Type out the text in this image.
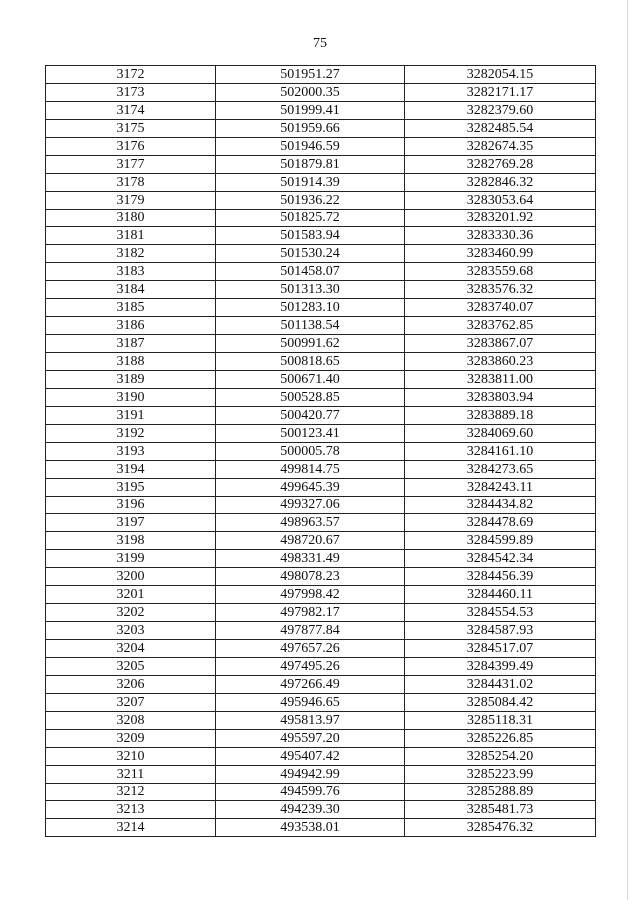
75
3172	501951.27	3282054.15
3173	502000.35	3282171.17
3174	501999.41	3282379.60
3175	501959.66	3282485.54
3176	501946.59	3282674.35
3177	501879.81	3282769.28
3178	501914.39	3282846.32
3179	501936.22	3283053.64
3180	501825.72	3283201.92
3181	501583.94	3283330.36
3182	501530.24	3283460.99
3183	501458.07	3283559.68
3184	501313.30	3283576.32
3185	501283.10	3283740.07
3186	501138.54	3283762.85
3187	500991.62	3283867.07
3188	500818.65	3283860.23
3189	500671.40	3283811.00
3190	500528.85	3283803.94
3191	500420.77	3283889.18
3192	500123.41	3284069.60
3193	500005.78	3284161.10
3194	499814.75	3284273.65
3195	499645.39	3284243.11
3196	499327.06	3284434.82
3197	498963.57	3284478.69
3198	498720.67	3284599.89
3199	498331.49	3284542.34
3200	498078.23	3284456.39
3201	497998.42	3284460.11
3202	497982.17	3284554.53
3203	497877.84	3284587.93
3204	497657.26	3284517.07
3205	497495.26	3284399.49
3206	497266.49	3284431.02
3207	495946.65	3285084.42
3208	495813.97	3285118.31
3209	495597.20	3285226.85
3210	495407.42	3285254.20
3211	494942.99	3285223.99
3212	494599.76	3285288.89
3213	494239.30	3285481.73
3214	493538.01	3285476.32
